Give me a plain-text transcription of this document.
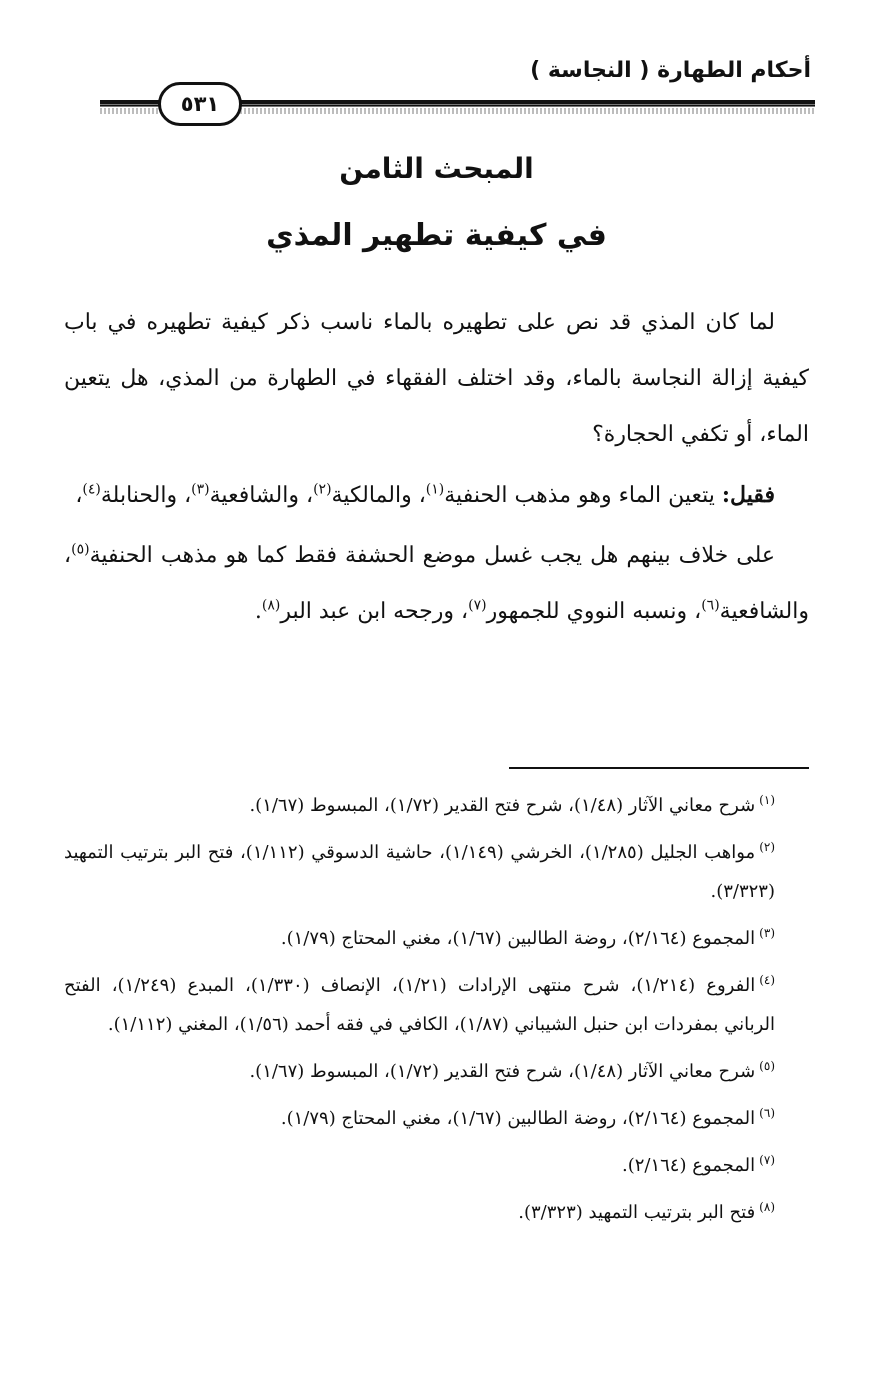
أحكام الطهارة ( النجاسة )
٥٣١
المبحث الثامن
في كيفية تطهير المذي

لما كان المذي قد نص على تطهيره بالماء ناسب ذكر كيفية تطهيره في باب كيفية إزالة النجاسة بالماء، وقد اختلف الفقهاء في الطهارة من المذي، هل يتعين الماء، أو تكفي الحجارة؟

فقيل: يتعين الماء وهو مذهب الحنفية$^{(١)}$، والمالكية$^{(٢)}$، والشافعية$^{(٣)}$، والحنابلة$^{(٤)}$،

على خلاف بينهم هل يجب غسل موضع الحشفة فقط كما هو مذهب الحنفية$^{(٥)}$، والشافعية$^{(٦)}$، ونسبه النووي للجمهور$^{(٧)}$، ورجحه ابن عبد البر$^{(٨)}$.

$^{(١)}$شرح معاني الآثار (١/٤٨)، شرح فتح القدير (١/٧٢)، المبسوط (١/٦٧).

$^{(٢)}$مواهب الجليل (١/٢٨٥)، الخرشي (١/١٤٩)، حاشية الدسوقي (١/١١٢)، فتح البر بترتيب التمهيد (٣/٣٢٣).

$^{(٣)}$المجموع (٢/١٦٤)، روضة الطالبين (١/٦٧)، مغني المحتاج (١/٧٩).

$^{(٤)}$الفروع (١/٢١٤)، شرح منتهى الإرادات (١/٢١)، الإنصاف (١/٣٣٠)، المبدع (١/٢٤٩)، الفتح الرباني بمفردات ابن حنبل الشيباني (١/٨٧)، الكافي في فقه أحمد (١/٥٦)، المغني (١/١١٢).

$^{(٥)}$شرح معاني الآثار (١/٤٨)، شرح فتح القدير (١/٧٢)، المبسوط (١/٦٧).

$^{(٦)}$المجموع (٢/١٦٤)، روضة الطالبين (١/٦٧)، مغني المحتاج (١/٧٩).

$^{(٧)}$المجموع (٢/١٦٤).

$^{(٨)}$فتح البر بترتيب التمهيد (٣/٣٢٣).
